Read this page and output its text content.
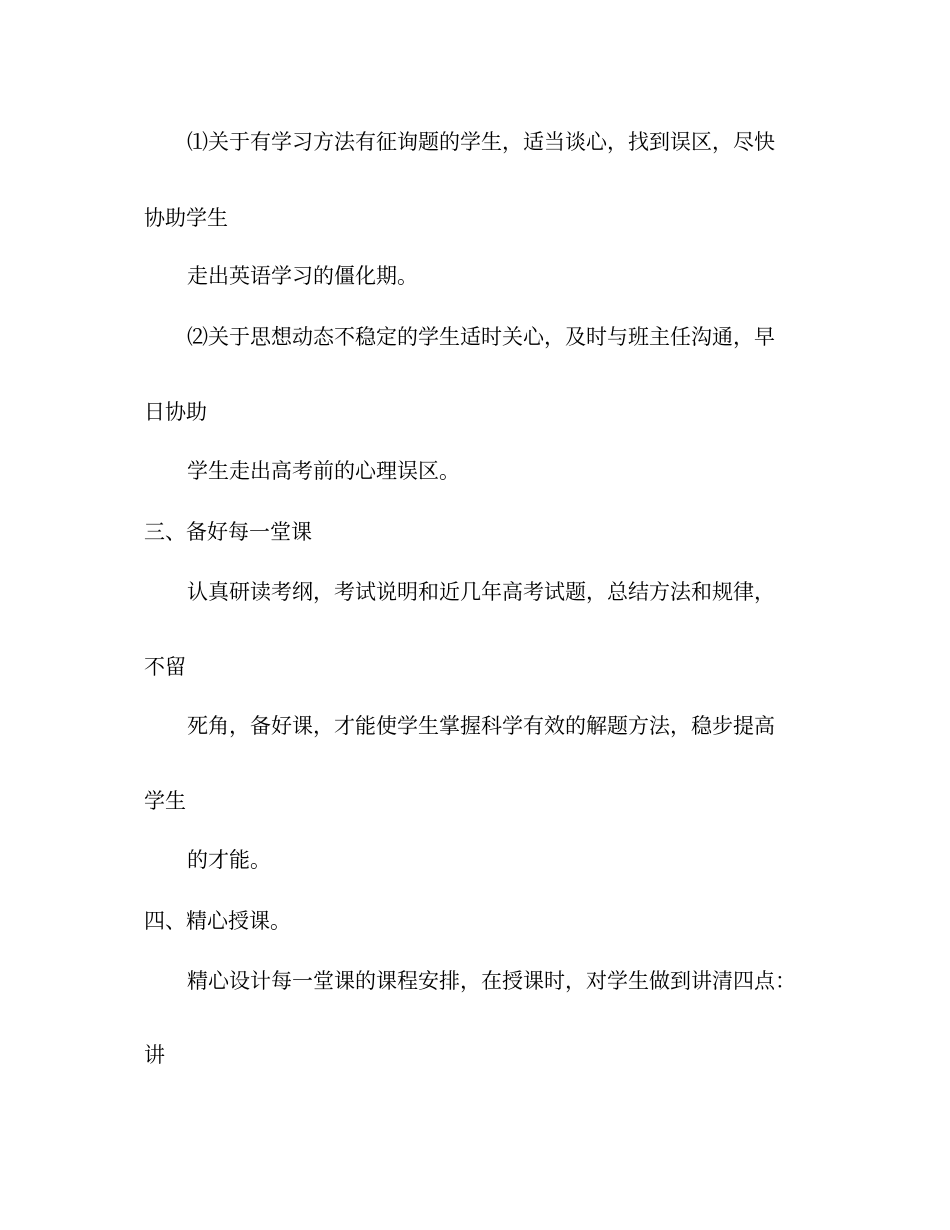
⑴关于有学习方法有征询题的学生，适当谈心，找到误区，尽快
协助学生
走出英语学习的僵化期。
⑵关于思想动态不稳定的学生适时关心，及时与班主任沟通，早
日协助
学生走出高考前的心理误区。
三、备好每一堂课
认真研读考纲，考试说明和近几年高考试题，总结方法和规律，
不留
死角，备好课，才能使学生掌握科学有效的解题方法，稳步提高
学生
的才能。
四、精心授课。
精心设计每一堂课的课程安排，在授课时，对学生做到讲清四点：
讲
